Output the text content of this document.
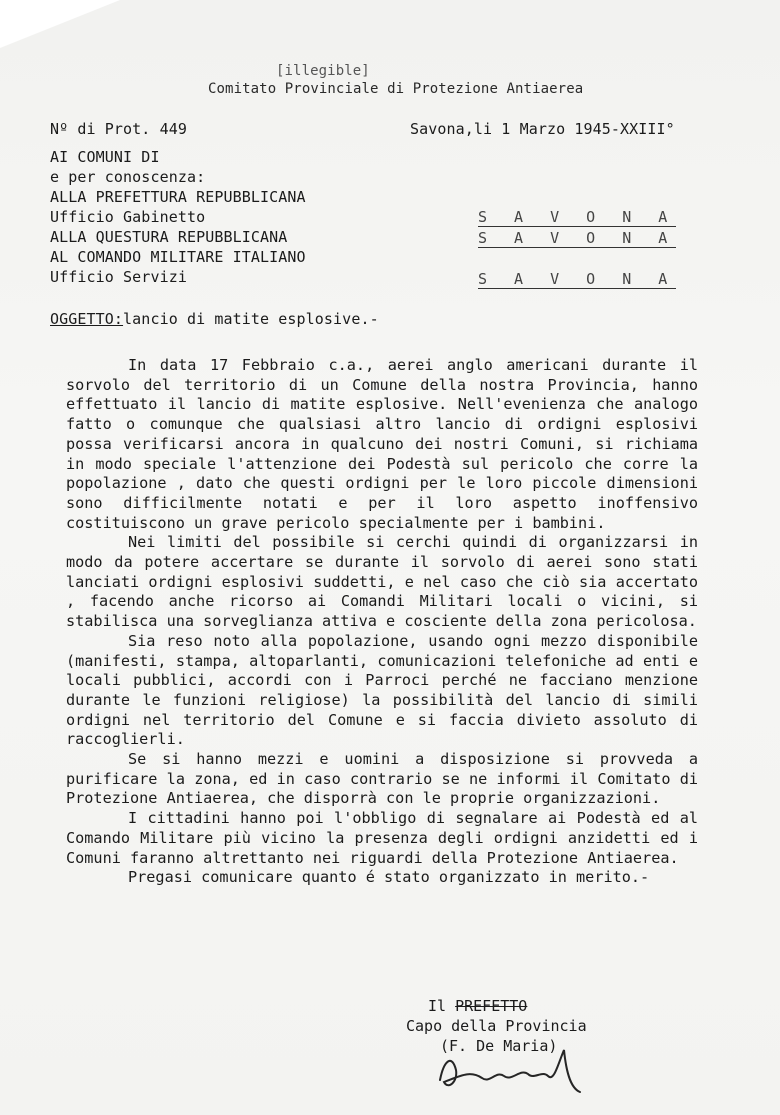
[illegible]
Comitato Provinciale di Protezione Antiaerea
Nº di Prot. 449	Savona,li 1 Marzo 1945-XXIII°
AI COMUNI DI
e per conoscenza:
ALLA PREFETTURA REPUBBLICANA
Ufficio Gabinetto
ALLA QUESTURA REPUBBLICANA
AL COMANDO MILITARE ITALIANO
Ufficio Servizi
S A V O N A
S A V O N A
S A V O N A
OGGETTO:lancio di matite esplosive.-

In data 17 Febbraio c.a., aerei anglo americani durante il sorvolo del territorio di un Comune della nostra Provincia, hanno effettuato il lancio di matite esplosive. Nell'evenienza che analogo fatto o comunque che qualsiasi altro lancio di ordigni esplosivi possa verificarsi ancora in qualcuno dei nostri Comuni, si richiama in modo speciale l'attenzione dei Podestà sul pericolo che corre la popolazione , dato che questi ordigni per le loro piccole dimensioni sono difficilmente notati e per il loro aspetto inoffensivo costituiscono un grave pericolo specialmente per i bambini.

Nei limiti del possibile si cerchi quindi di organizzarsi in modo da potere accertare se durante il sorvolo di aerei sono stati lanciati ordigni esplosivi suddetti, e nel caso che ciò sia accertato , facendo anche ricorso ai Comandi Militari locali o vicini, si stabilisca una sorveglianza attiva e cosciente della zona pericolosa.

Sia reso noto alla popolazione, usando ogni mezzo disponibile (manifesti, stampa, altoparlanti, comunicazioni telefoniche ad enti e locali pubblici, accordi con i Parroci perché ne facciano menzione durante le funzioni religiose) la possibilità del lancio di simili ordigni nel territorio del Comune e si faccia divieto assoluto di raccoglierli.

Se si hanno mezzi e uomini a disposizione si provveda a purificare la zona, ed in caso contrario se ne informi il Comitato di Protezione Antiaerea, che disporrà con le proprie organizzazioni.

I cittadini hanno poi l'obbligo di segnalare ai Podestà ed al Comando Militare più vicino la presenza degli ordigni anzidetti ed i Comuni faranno altrettanto nei riguardi della Protezione Antiaerea.

Pregasi comunicare quanto é stato organizzato in merito.-

Il PREFETTO
Capo della Provincia
(F. De Maria)
